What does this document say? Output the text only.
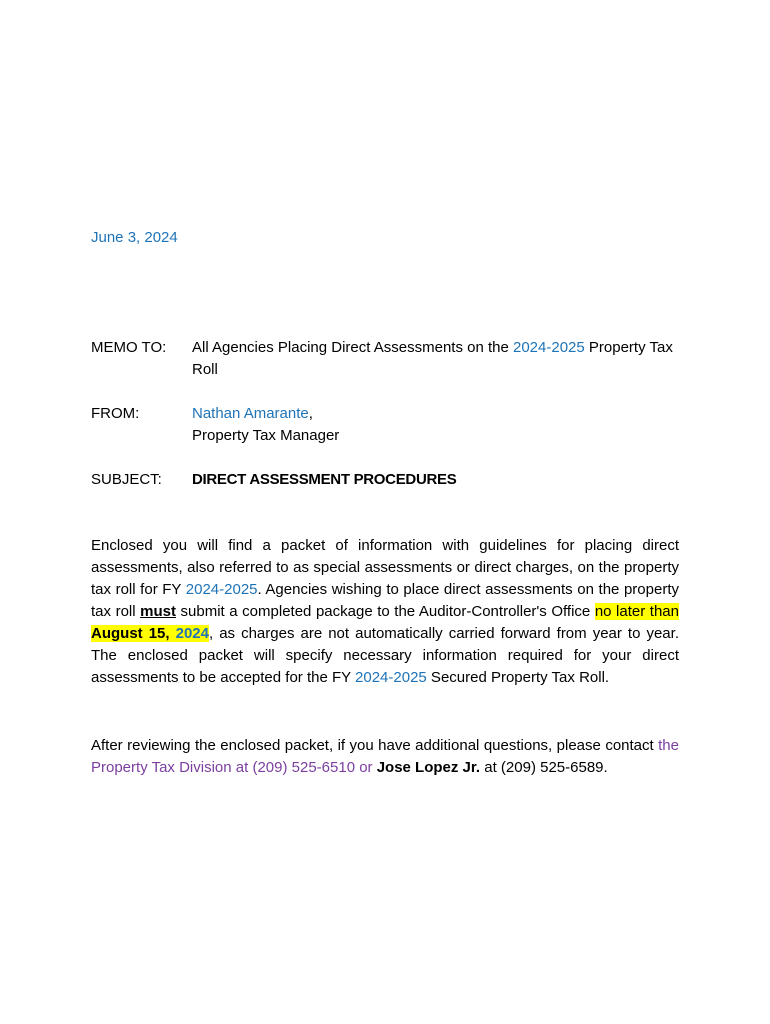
June 3, 2024
MEMO TO:	All Agencies Placing Direct Assessments on the 2024-2025 Property Tax Roll
FROM:	Nathan Amarante,
Property Tax Manager
SUBJECT:	DIRECT ASSESSMENT PROCEDURES

Enclosed you will find a packet of information with guidelines for placing direct assessments, also referred to as special assessments or direct charges, on the property tax roll for FY 2024-2025. Agencies wishing to place direct assessments on the property tax roll must submit a completed package to the Auditor-Controller's Office no later than August 15, 2024, as charges are not automatically carried forward from year to year. The enclosed packet will specify necessary information required for your direct assessments to be accepted for the FY 2024-2025 Secured Property Tax Roll.

After reviewing the enclosed packet, if you have additional questions, please contact the Property Tax Division at (209) 525-6510 or Jose Lopez Jr. at (209) 525-6589.
